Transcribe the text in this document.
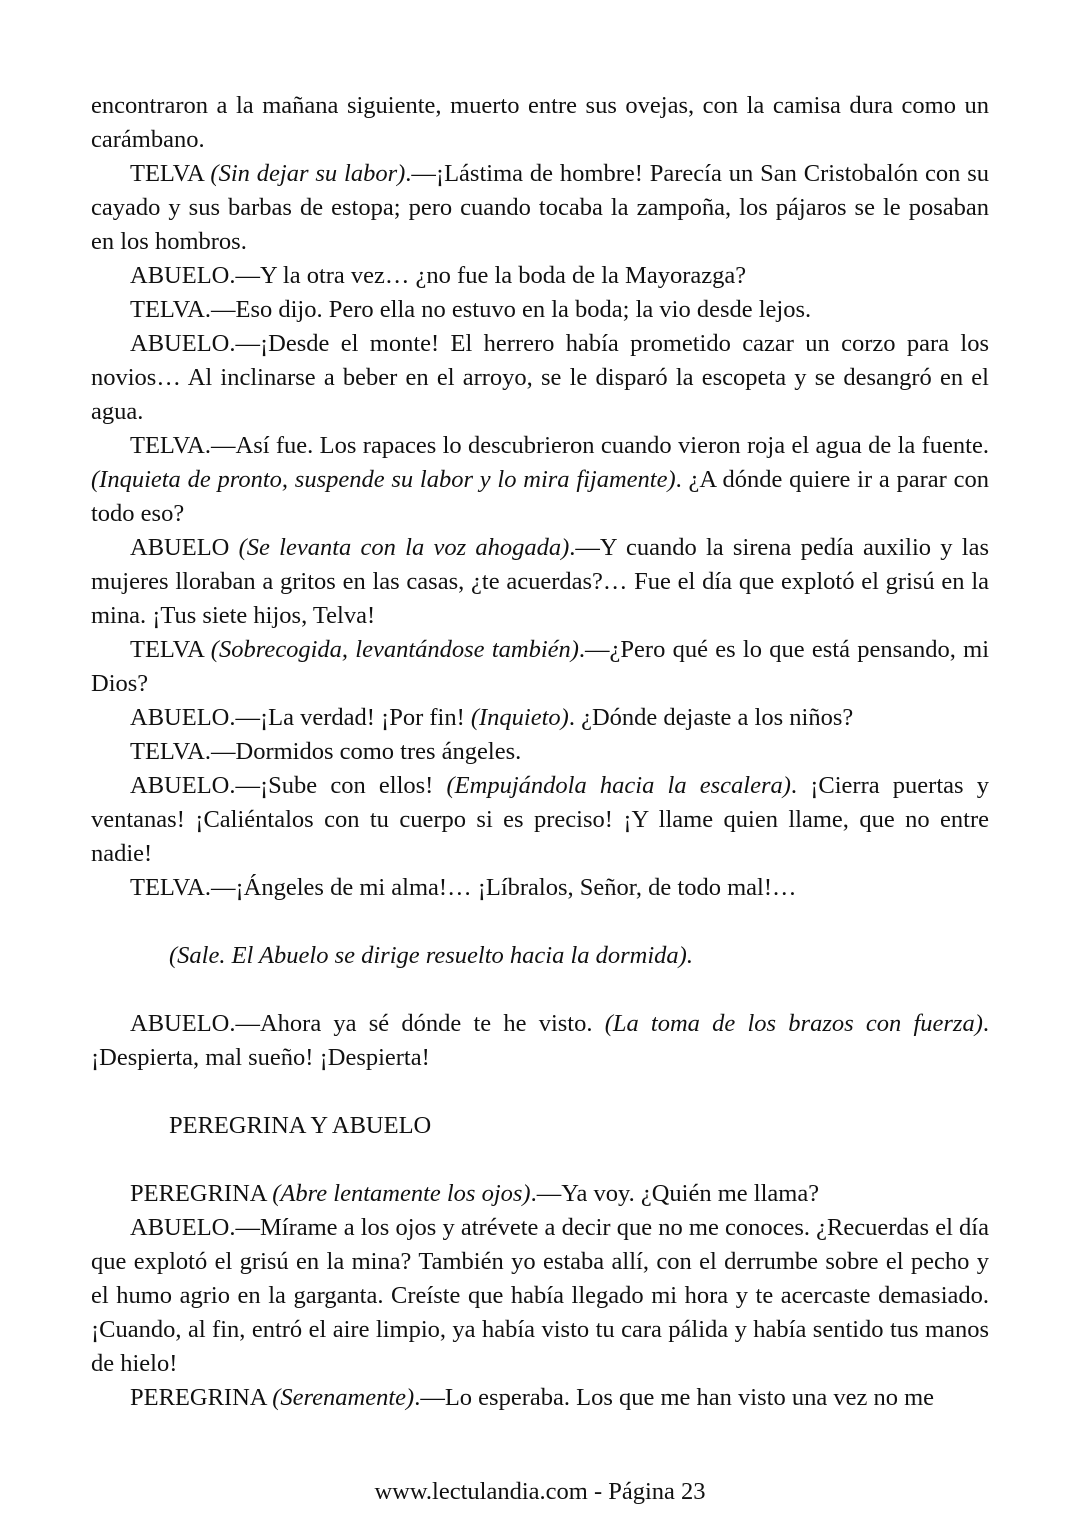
encontraron a la mañana siguiente, muerto entre sus ovejas, con la camisa dura como un carámbano.

TELVA (Sin dejar su labor).—¡Lástima de hombre! Parecía un San Cristobalón con su cayado y sus barbas de estopa; pero cuando tocaba la zampoña, los pájaros se le posaban en los hombros.

ABUELO.—Y la otra vez… ¿no fue la boda de la Mayorazga?

TELVA.—Eso dijo. Pero ella no estuvo en la boda; la vio desde lejos.

ABUELO.—¡Desde el monte! El herrero había prometido cazar un corzo para los novios… Al inclinarse a beber en el arroyo, se le disparó la escopeta y se desangró en el agua.

TELVA.—Así fue. Los rapaces lo descubrieron cuando vieron roja el agua de la fuente. (Inquieta de pronto, suspende su labor y lo mira fijamente). ¿A dónde quiere ir a parar con todo eso?

ABUELO (Se levanta con la voz ahogada).—Y cuando la sirena pedía auxilio y las mujeres lloraban a gritos en las casas, ¿te acuerdas?… Fue el día que explotó el grisú en la mina. ¡Tus siete hijos, Telva!

TELVA (Sobrecogida, levantándose también).—¿Pero qué es lo que está pensando, mi Dios?

ABUELO.—¡La verdad! ¡Por fin! (Inquieto). ¿Dónde dejaste a los niños?

TELVA.—Dormidos como tres ángeles.

ABUELO.—¡Sube con ellos! (Empujándola hacia la escalera). ¡Cierra puertas y ventanas! ¡Caliéntalos con tu cuerpo si es preciso! ¡Y llame quien llame, que no entre nadie!

TELVA.—¡Ángeles de mi alma!… ¡Líbralos, Señor, de todo mal!…

(Sale. El Abuelo se dirige resuelto hacia la dormida).

ABUELO.—Ahora ya sé dónde te he visto. (La toma de los brazos con fuerza). ¡Despierta, mal sueño! ¡Despierta!

PEREGRINA Y ABUELO

PEREGRINA (Abre lentamente los ojos).—Ya voy. ¿Quién me llama?

ABUELO.—Mírame a los ojos y atrévete a decir que no me conoces. ¿Recuerdas el día que explotó el grisú en la mina? También yo estaba allí, con el derrumbe sobre el pecho y el humo agrio en la garganta. Creíste que había llegado mi hora y te acercaste demasiado. ¡Cuando, al fin, entró el aire limpio, ya había visto tu cara pálida y había sentido tus manos de hielo!

PEREGRINA (Serenamente).—Lo esperaba. Los que me han visto una vez no me

www.lectulandia.com - Página 23
